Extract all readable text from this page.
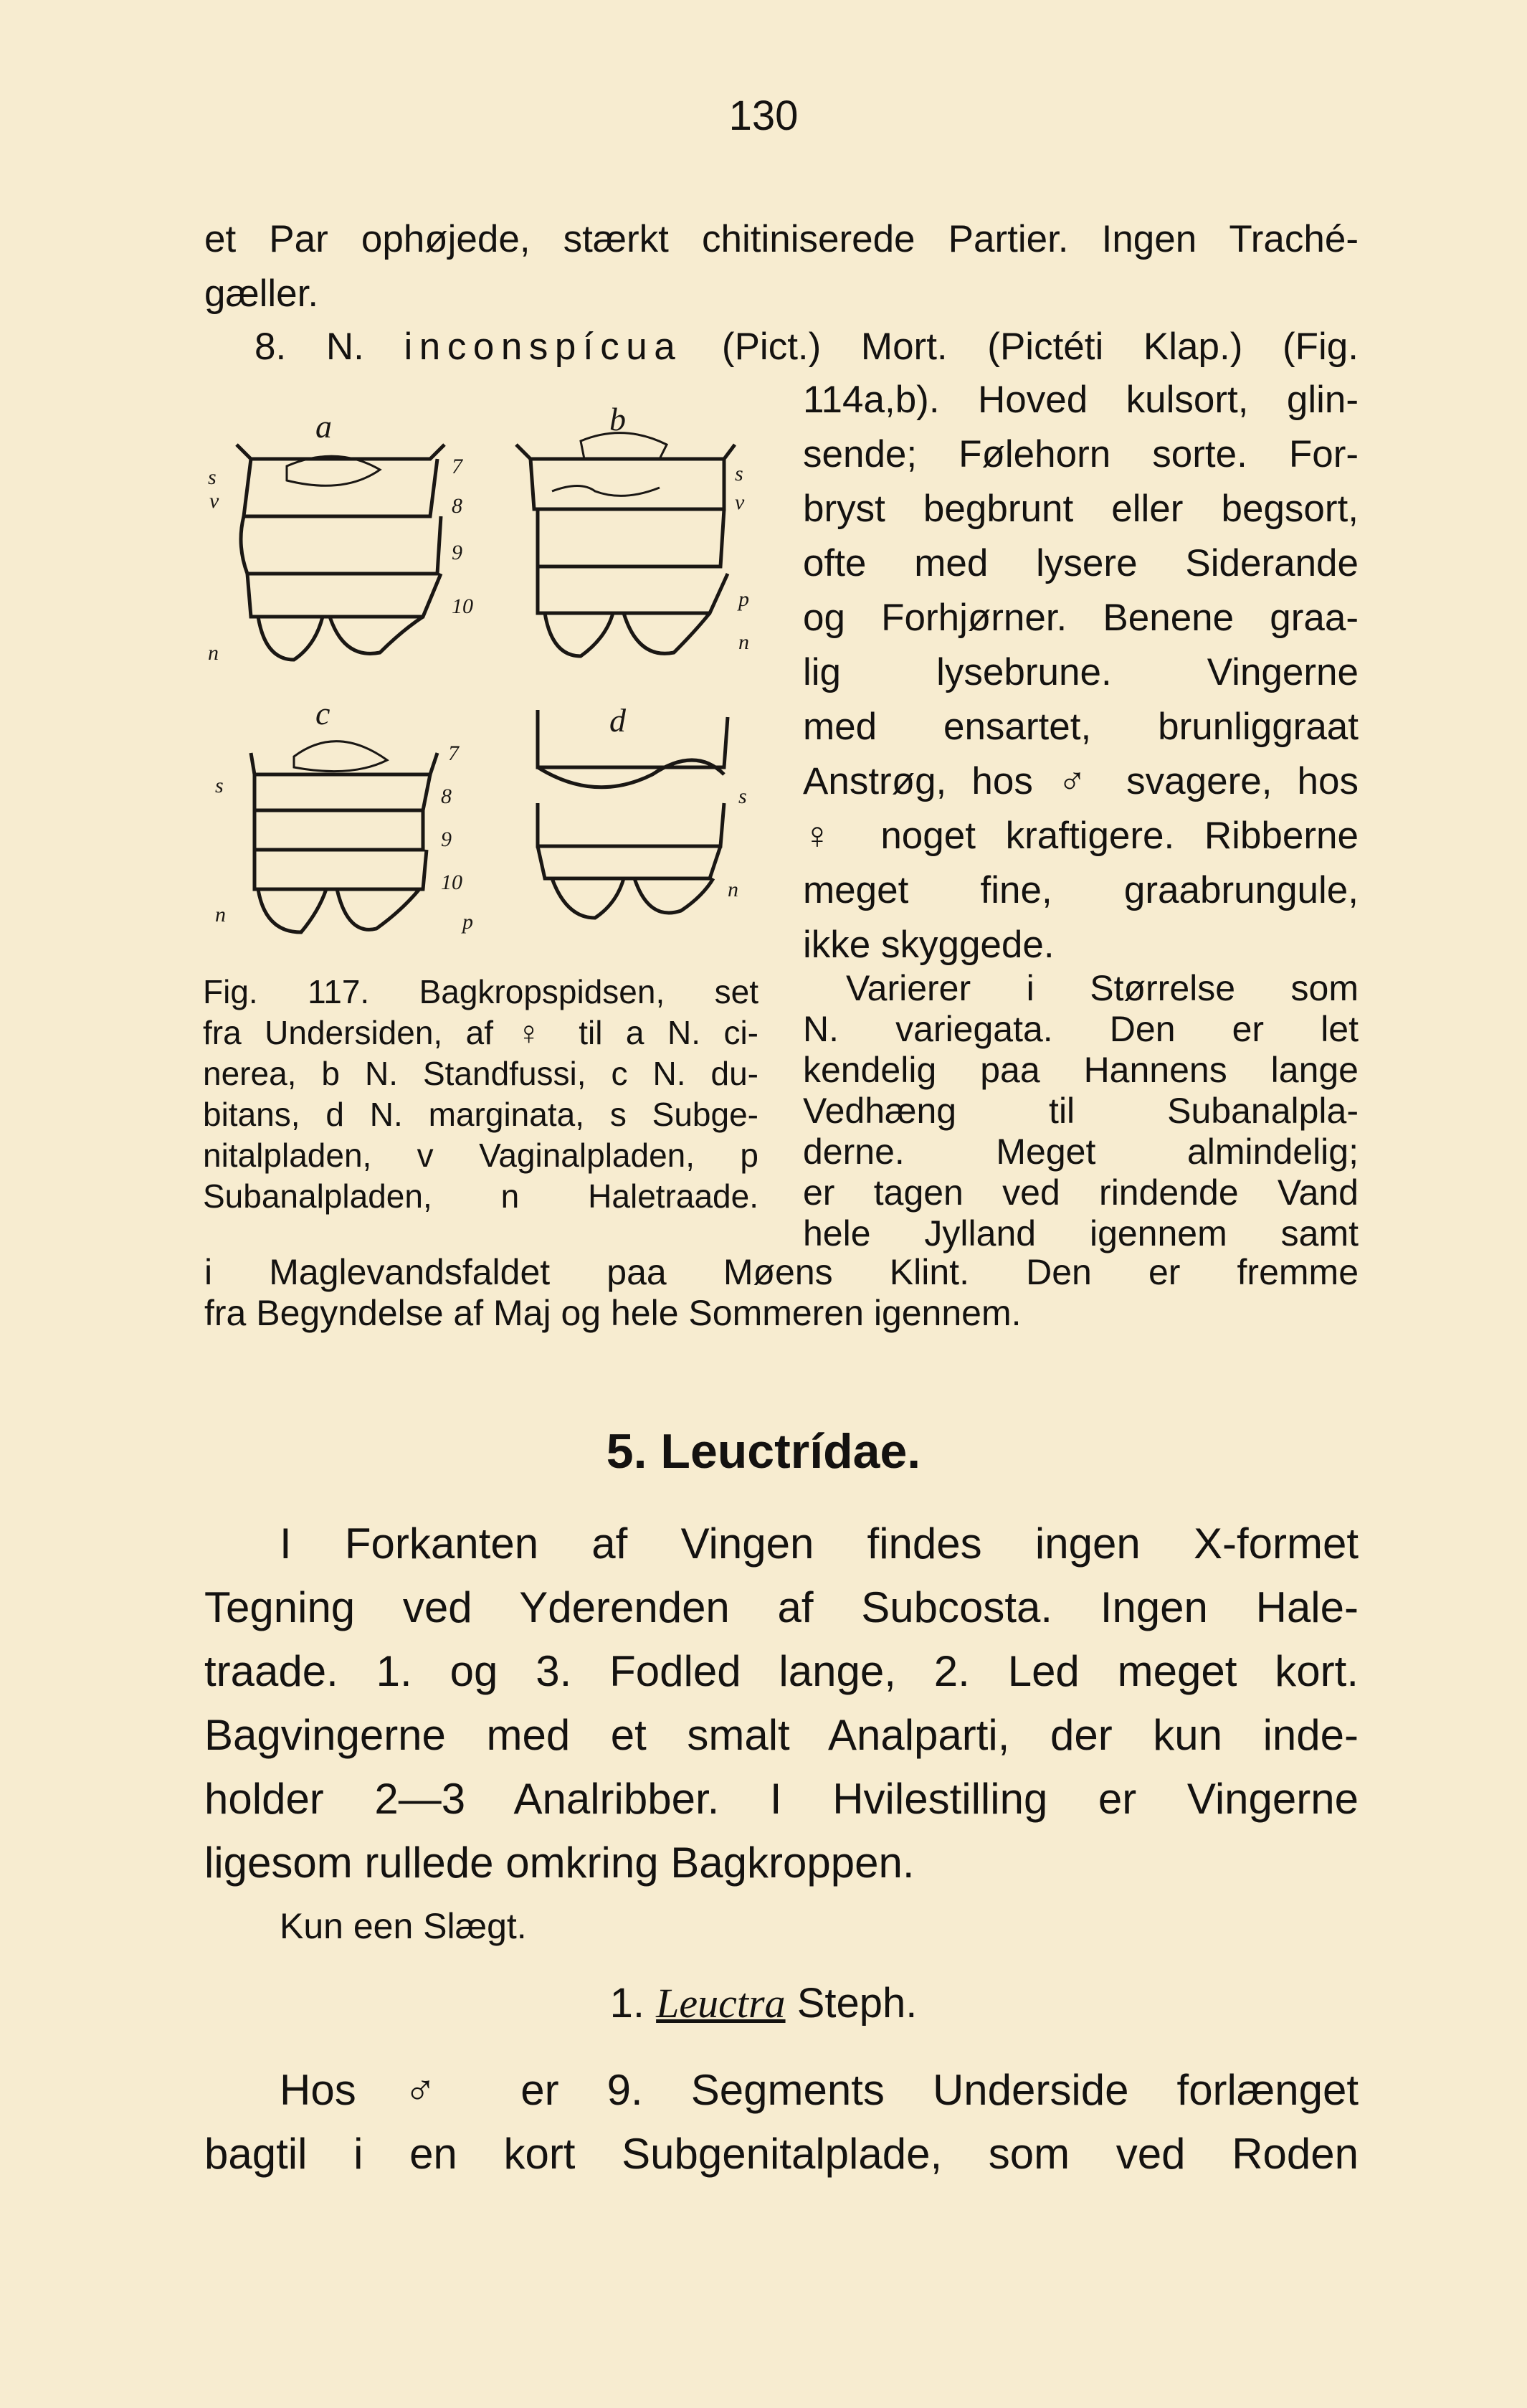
130
et Par ophøjede, stærkt chitiniserede Partier. Ingen Traché-
gæller.
8. N. inconspícua (Pict.) Mort. (Pictéti Klap.) (Fig.
114a,b). Hoved kulsort, glin-
sende; Følehorn sorte. For-
bryst begbrunt eller begsort,
ofte med lysere Siderande
og Forhjørner. Benene graa-
lig lysebrune. Vingerne
med ensartet, brunliggraat
Anstrøg, hos ♂ svagere, hos
♀ noget kraftigere. Ribberne
meget fine, graabrungule,
ikke skyggede.
a	b
c	d
s
v
n
s
v
p
n
s
n
s
n
7
8
9
10
7
8
9
10
p
Fig. 117. Bagkropspidsen, set
fra Undersiden, af ♀ til a N. ci-
nerea, b N. Standfussi, c N. du-
bitans, d N. marginata, s Subge-
nitalpladen, v Vaginalpladen, p
Subanalpladen, n Haletraade.
Varierer i Størrelse som
N. variegata. Den er let
kendelig paa Hannens lange
Vedhæng til Subanalpla-
derne. Meget almindelig;
er tagen ved rindende Vand
hele Jylland igennem samt
i Maglevandsfaldet paa Møens Klint. Den er fremme
fra Begyndelse af Maj og hele Sommeren igennem.
5. Leuctrídae.
I Forkanten af Vingen findes ingen X-formet
Tegning ved Yderenden af Subcosta. Ingen Hale-
traade. 1. og 3. Fodled lange, 2. Led meget kort.
Bagvingerne med et smalt Analparti, der kun inde-
holder 2—3 Analribber. I Hvilestilling er Vingerne
ligesom rullede omkring Bagkroppen.
Kun een Slægt.
1. Leuctra Steph.
Hos ♂ er 9. Segments Underside forlænget
bagtil i en kort Subgenitalplade, som ved Roden
